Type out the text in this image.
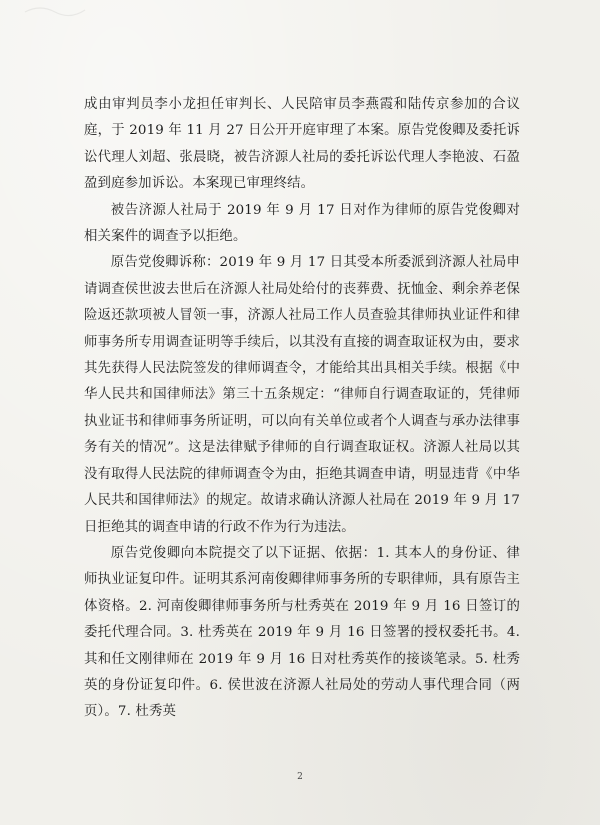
成由审判员李小龙担任审判长、人民陪审员李燕霞和陆传京参加的合议庭，于 2019 年 11 月 27 日公开开庭审理了本案。原告党俊卿及委托诉讼代理人刘超、张晨晓，被告济源人社局的委托诉讼代理人李艳波、石盈盈到庭参加诉讼。本案现已审理终结。

被告济源人社局于 2019 年 9 月 17 日对作为律师的原告党俊卿对相关案件的调查予以拒绝。

原告党俊卿诉称：2019 年 9 月 17 日其受本所委派到济源人社局申请调查侯世波去世后在济源人社局处给付的丧葬费、抚恤金、剩余养老保险返还款项被人冒领一事，济源人社局工作人员查验其律师执业证件和律师事务所专用调查证明等手续后，以其没有直接的调查取证权为由，要求其先获得人民法院签发的律师调查令，才能给其出具相关手续。根据《中华人民共和国律师法》第三十五条规定：“律师自行调查取证的，凭律师执业证书和律师事务所证明，可以向有关单位或者个人调查与承办法律事务有关的情况”。这是法律赋予律师的自行调查取证权。济源人社局以其没有取得人民法院的律师调查令为由，拒绝其调查申请，明显违背《中华人民共和国律师法》的规定。故请求确认济源人社局在 2019 年 9 月 17 日拒绝其的调查申请的行政不作为行为违法。

原告党俊卿向本院提交了以下证据、依据：1. 其本人的身份证、律师执业证复印件。证明其系河南俊卿律师事务所的专职律师，具有原告主体资格。2. 河南俊卿律师事务所与杜秀英在 2019 年 9 月 16 日签订的委托代理合同。3. 杜秀英在 2019 年 9 月 16 日签署的授权委托书。4. 其和任文刚律师在 2019 年 9 月 16 日对杜秀英作的接谈笔录。5. 杜秀英的身份证复印件。6. 侯世波在济源人社局处的劳动人事代理合同（两页）。7. 杜秀英

2
